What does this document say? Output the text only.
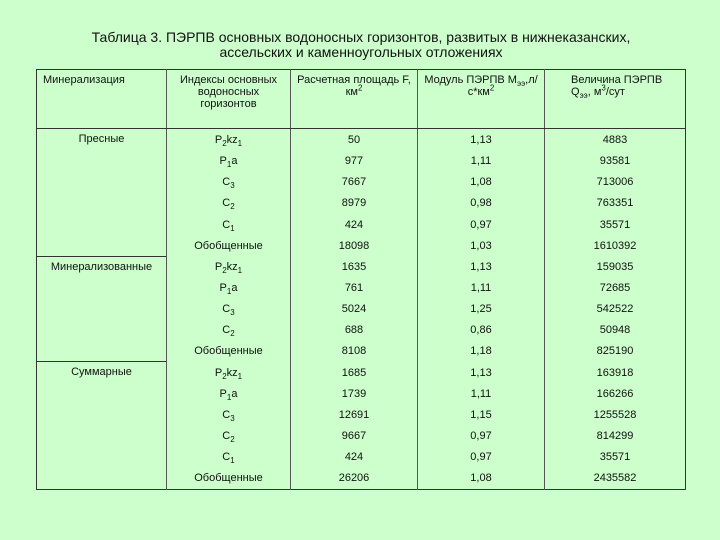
Таблица 3. ПЭРПВ основных водоносных горизонтов, развитых в нижнеказанских,
ассельских и каменноугольных отложениях
Минерализация	Индексы основных водоносных горизонтов	Расчетная площадь F, $км^2$	Модуль ПЭРПВ $М_{ээ},л/с*км^2$	Величина ПЭРПВ $Q_{ээ}$, $м^3$/сут
Пресные	$P_2kz_1$	50	1,13	4883
	$P_1a$	977	1,11	93581
	$C_3$	7667	1,08	713006
	$C_2$	8979	0,98	763351
	$C_1$	424	0,97	35571
	Обобщенные	18098	1,03	1610392
Минерализованные	$P_2kz_1$	1635	1,13	159035
	$P_1a$	761	1,11	72685
	$C_3$	5024	1,25	542522
	$C_2$	688	0,86	50948
	Обобщенные	8108	1,18	825190
Суммарные	$P_2kz_1$	1685	1,13	163918
	$P_1a$	1739	1,11	166266
	$C_3$	12691	1,15	1255528
	$C_2$	9667	0,97	814299
	$C_1$	424	0,97	35571
	Обобщенные	26206	1,08	2435582
